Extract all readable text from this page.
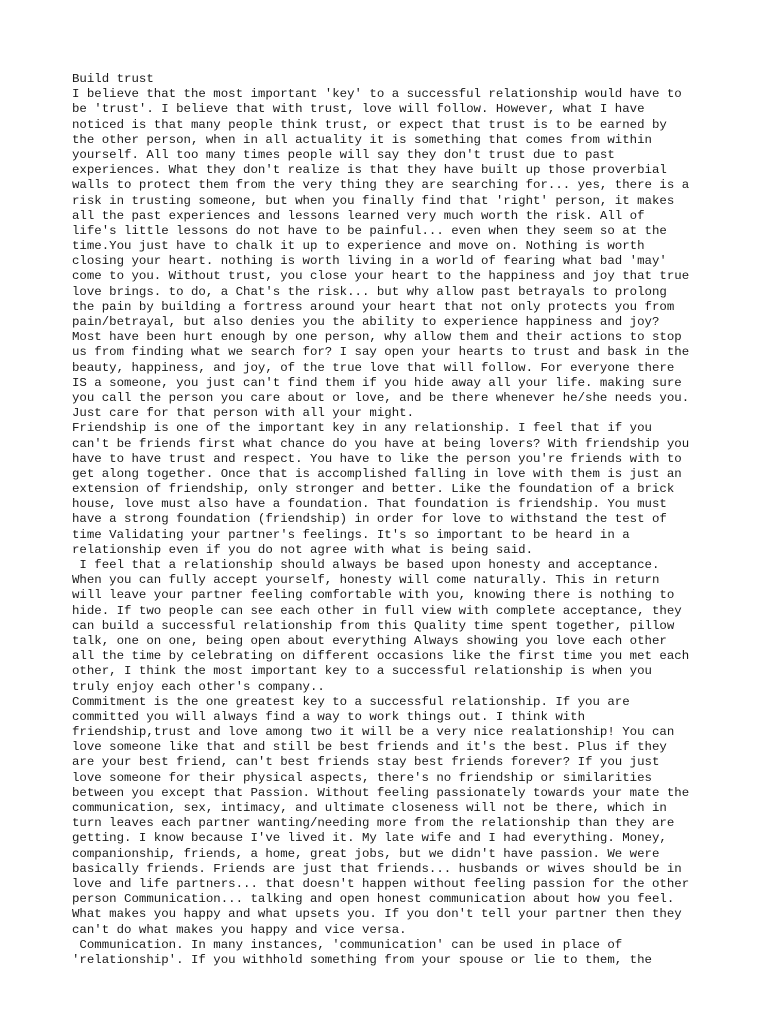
Build trust
I believe that the most important 'key' to a successful relationship would have to
be 'trust'. I believe that with trust, love will follow. However, what I have
noticed is that many people think trust, or expect that trust is to be earned by
the other person, when in all actuality it is something that comes from within
yourself. All too many times people will say they don't trust due to past
experiences. What they don't realize is that they have built up those proverbial
walls to protect them from the very thing they are searching for... yes, there is a
risk in trusting someone, but when you finally find that 'right' person, it makes
all the past experiences and lessons learned very much worth the risk. All of
life's little lessons do not have to be painful... even when they seem so at the
time.You just have to chalk it up to experience and move on. Nothing is worth
closing your heart. nothing is worth living in a world of fearing what bad 'may'
come to you. Without trust, you close your heart to the happiness and joy that true
love brings. to do, a Chat's the risk... but why allow past betrayals to prolong
the pain by building a fortress around your heart that not only protects you from
pain/betrayal, but also denies you the ability to experience happiness and joy?
Most have been hurt enough by one person, why allow them and their actions to stop
us from finding what we search for? I say open your hearts to trust and bask in the
beauty, happiness, and joy, of the true love that will follow. For everyone there
IS a someone, you just can't find them if you hide away all your life. making sure
you call the person you care about or love, and be there whenever he/she needs you.
Just care for that person with all your might.
Friendship is one of the important key in any relationship. I feel that if you
can't be friends first what chance do you have at being lovers? With friendship you
have to have trust and respect. You have to like the person you're friends with to
get along together. Once that is accomplished falling in love with them is just an
extension of friendship, only stronger and better. Like the foundation of a brick
house, love must also have a foundation. That foundation is friendship. You must
have a strong foundation (friendship) in order for love to withstand the test of
time Validating your partner's feelings. It's so important to be heard in a
relationship even if you do not agree with what is being said.
I feel that a relationship should always be based upon honesty and acceptance.
When you can fully accept yourself, honesty will come naturally. This in return
will leave your partner feeling comfortable with you, knowing there is nothing to
hide. If two people can see each other in full view with complete acceptance, they
can build a successful relationship from this Quality time spent together, pillow
talk, one on one, being open about everything Always showing you love each other
all the time by celebrating on different occasions like the first time you met each
other, I think the most important key to a successful relationship is when you
truly enjoy each other's company..
Commitment is the one greatest key to a successful relationship. If you are
committed you will always find a way to work things out. I think with
friendship,trust and love among two it will be a very nice realationship! You can
love someone like that and still be best friends and it's the best. Plus if they
are your best friend, can't best friends stay best friends forever? If you just
love someone for their physical aspects, there's no friendship or similarities
between you except that Passion. Without feeling passionately towards your mate the
communication, sex, intimacy, and ultimate closeness will not be there, which in
turn leaves each partner wanting/needing more from the relationship than they are
getting. I know because I've lived it. My late wife and I had everything. Money,
companionship, friends, a home, great jobs, but we didn't have passion. We were
basically friends. Friends are just that friends... husbands or wives should be in
love and life partners... that doesn't happen without feeling passion for the other
person Communication... talking and open honest communication about how you feel.
What makes you happy and what upsets you. If you don't tell your partner then they
can't do what makes you happy and vice versa.
Communication. In many instances, 'communication' can be used in place of
'relationship'. If you withhold something from your spouse or lie to them, the
